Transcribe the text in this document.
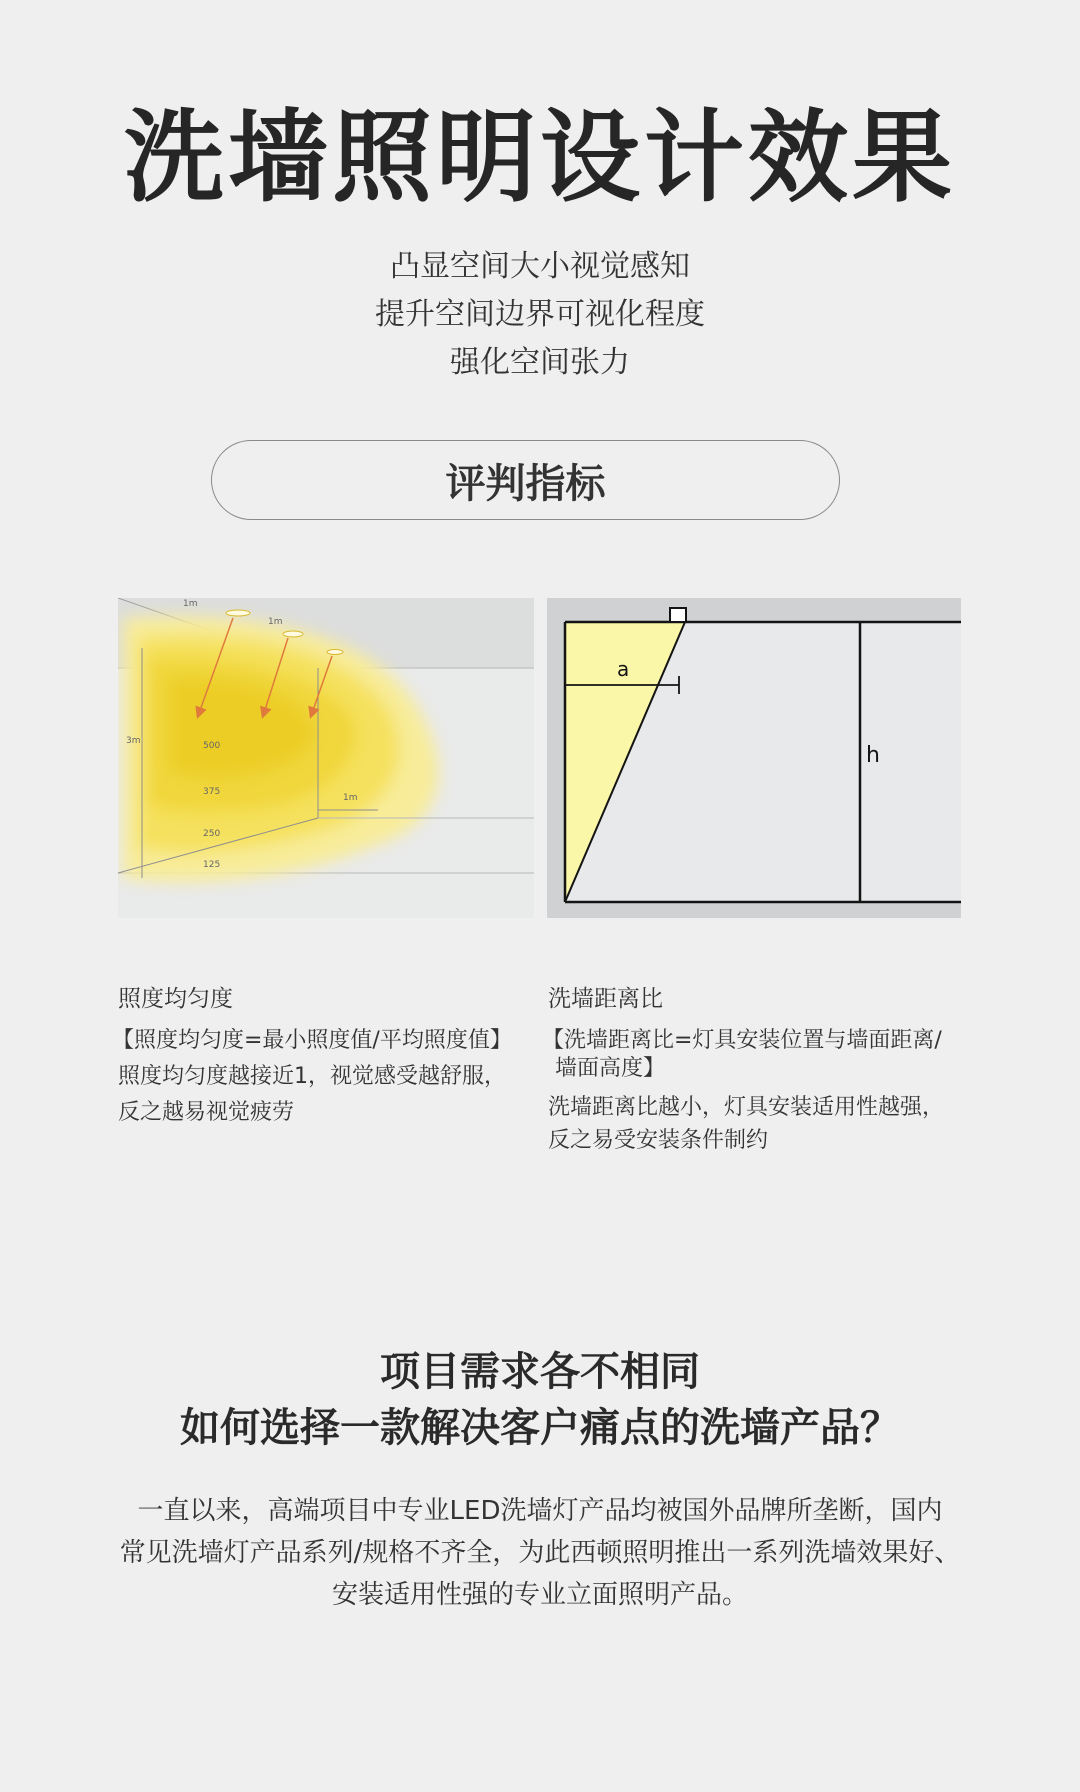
洗墙照明设计效果
凸显空间大小视觉感知
提升空间边界可视化程度
强化空间张力
评判指标
1m
1m
1m
3m	500
375
250
125
a
h
照度均匀度
【照度均匀度=最小照度值/平均照度值】
照度均匀度越接近1，视觉感受越舒服，
反之越易视觉疲劳
洗墙距离比
【洗墙距离比=灯具安装位置与墙面距离/
墙面高度】
洗墙距离比越小，灯具安装适用性越强，
反之易受安装条件制约
项目需求各不相同
如何选择一款解决客户痛点的洗墙产品？
一直以来，高端项目中专业LED洗墙灯产品均被国外品牌所垄断，国内
常见洗墙灯产品系列/规格不齐全，为此西顿照明推出一系列洗墙效果好、
安装适用性强的专业立面照明产品。
